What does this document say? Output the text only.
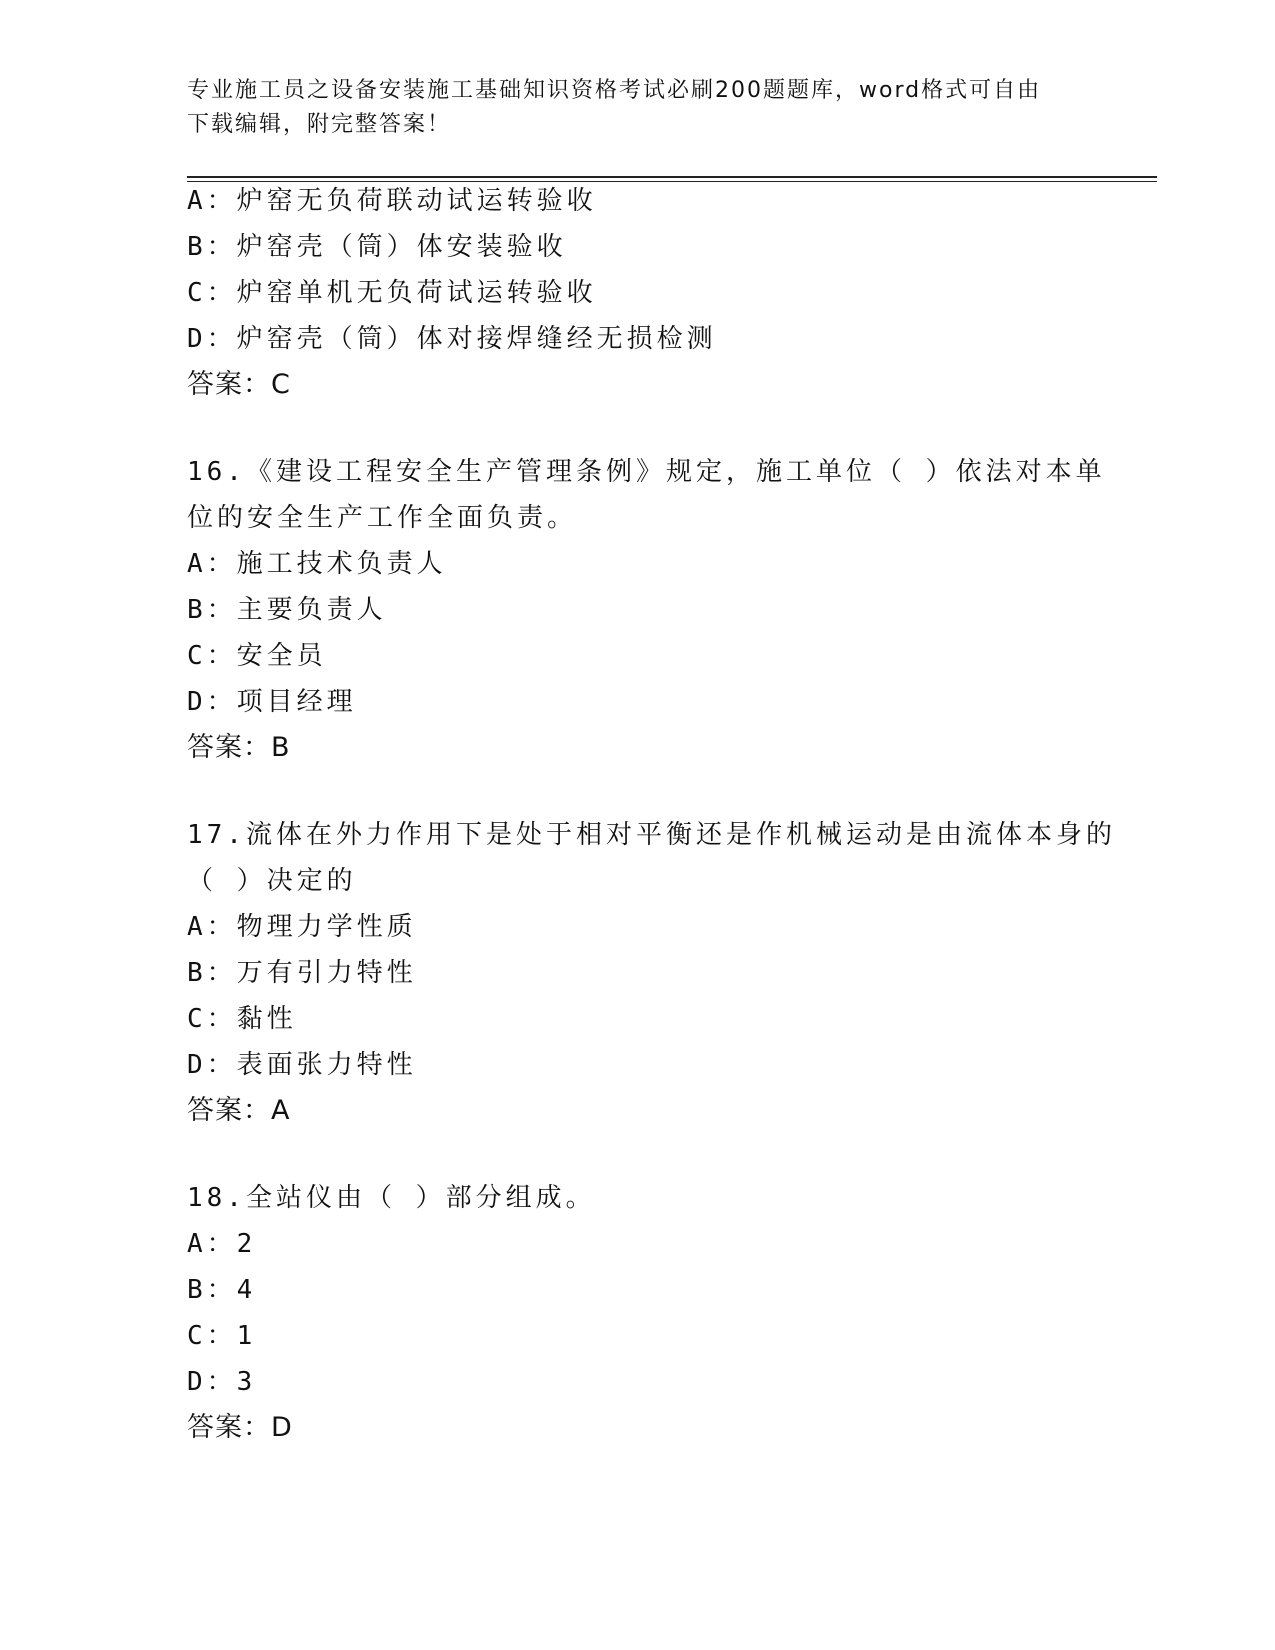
专业施工员之设备安装施工基础知识资格考试必刷200题题库，word格式可自由
下载编辑，附完整答案！
A：炉窑无负荷联动试运转验收
B：炉窑壳（筒）体安装验收
C：炉窑单机无负荷试运转验收
D：炉窑壳（筒）体对接焊缝经无损检测
答案：C
16.《建设工程安全生产管理条例》规定，施工单位（ ）依法对本单
位的安全生产工作全面负责。
A：施工技术负责人
B：主要负责人
C：安全员
D：项目经理
答案：B
17.流体在外力作用下是处于相对平衡还是作机械运动是由流体本身的
（ ）决定的
A：物理力学性质
B：万有引力特性
C：黏性
D：表面张力特性
答案：A
18.全站仪由（ ）部分组成。
A：2
B：4
C：1
D：3
答案：D
